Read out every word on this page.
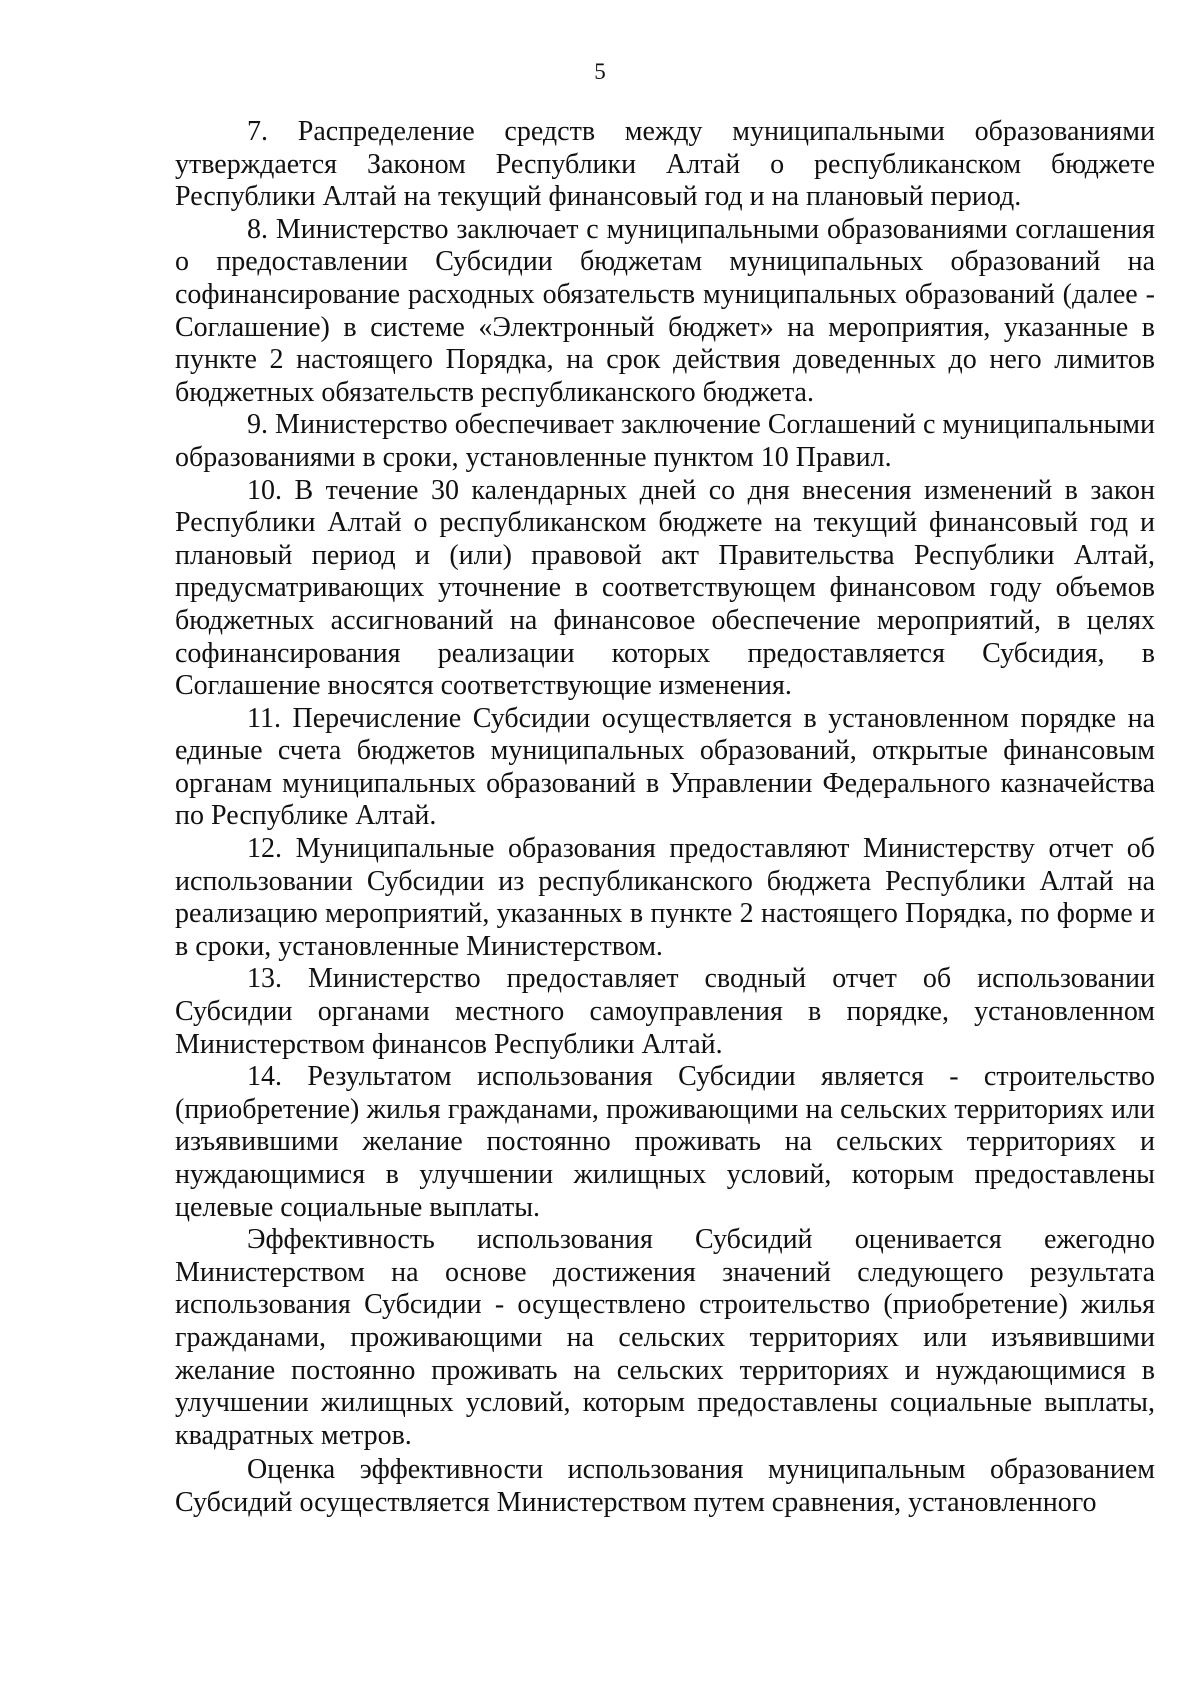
5

7. Распределение средств между муниципальными образованиями утверждается Законом Республики Алтай о республиканском бюджете Республики Алтай на текущий финансовый год и на плановый период.

8. Министерство заключает с муниципальными образованиями соглашения о предоставлении Субсидии бюджетам муниципальных образований на софинансирование расходных обязательств муниципальных образований (далее - Соглашение) в системе «Электронный бюджет» на мероприятия, указанные в пункте 2 настоящего Порядка, на срок действия доведенных до него лимитов бюджетных обязательств республиканского бюджета.

9. Министерство обеспечивает заключение Соглашений с муниципальными образованиями в сроки, установленные пунктом 10 Правил.

10. В течение 30 календарных дней со дня внесения изменений в закон Республики Алтай о республиканском бюджете на текущий финансовый год и плановый период и (или) правовой акт Правительства Республики Алтай, предусматривающих уточнение в соответствующем финансовом году объемов бюджетных ассигнований на финансовое обеспечение мероприятий, в целях софинансирования реализации которых предоставляется Субсидия, в Соглашение вносятся соответствующие изменения.

11. Перечисление Субсидии осуществляется в установленном порядке на единые счета бюджетов муниципальных образований, открытые финансовым органам муниципальных образований в Управлении Федерального казначейства по Республике Алтай.

12. Муниципальные образования предоставляют Министерству отчет об использовании Субсидии из республиканского бюджета Республики Алтай на реализацию мероприятий, указанных в пункте 2 настоящего Порядка, по форме и в сроки, установленные Министерством.

13. Министерство предоставляет сводный отчет об использовании Субсидии органами местного самоуправления в порядке, установленном Министерством финансов Республики Алтай.

14. Результатом использования Субсидии является - строительство (приобретение) жилья гражданами, проживающими на сельских территориях или изъявившими желание постоянно проживать на сельских территориях и нуждающимися в улучшении жилищных условий, которым предоставлены целевые социальные выплаты.

Эффективность использования Субсидий оценивается ежегодно Министерством на основе достижения значений следующего результата использования Субсидии - осуществлено строительство (приобретение) жилья гражданами, проживающими на сельских территориях или изъявившими желание постоянно проживать на сельских территориях и нуждающимися в улучшении жилищных условий, которым предоставлены социальные выплаты, квадратных метров.

Оценка эффективности использования муниципальным образованием Субсидий осуществляется Министерством путем сравнения, установленного
